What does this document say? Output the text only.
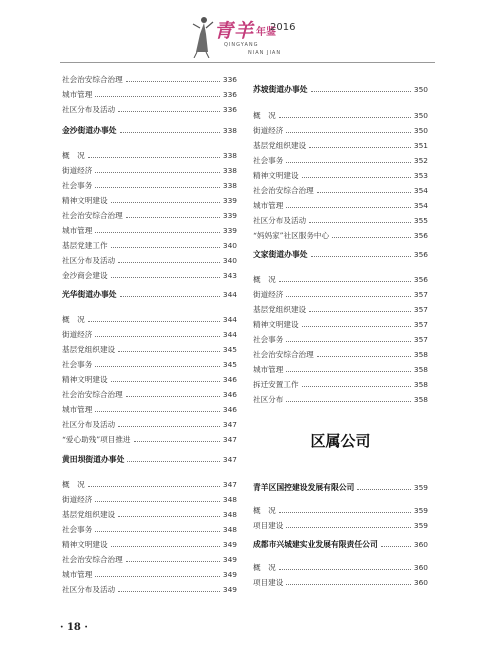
青 羊 年鉴
2016
QINGYANG
NIAN JIAN
社会治安综合治理	336
城市管理	336
社区分布及活动	336
金沙街道办事处	338
概　况	338
街道经济	338
社会事务	338
精神文明建设	339
社会治安综合治理	339
城市管理	339
基层党建工作	340
社区分布及活动	340
金沙商会建设	343
光华街道办事处	344
概　况	344
街道经济	344
基层党组织建设	345
社会事务	345
精神文明建设	346
社会治安综合治理	346
城市管理	346
社区分布及活动	347
“爱心助残”项目推进	347
黄田坝街道办事处	347
概　况	347
街道经济	348
基层党组织建设	348
社会事务	348
精神文明建设	349
社会治安综合治理	349
城市管理	349
社区分布及活动	349
苏坡街道办事处	350
概　况	350
街道经济	350
基层党组织建设	351
社会事务	352
精神文明建设	353
社会治安综合治理	354
城市管理	354
社区分布及活动	355
“妈妈家”社区服务中心	356
文家街道办事处	356
概　况	356
街道经济	357
基层党组织建设	357
精神文明建设	357
社会事务	357
社会治安综合治理	358
城市管理	358
拆迁安置工作	358
社区分布	358
区属公司
青羊区国控建设发展有限公司	359
概　况	359
项目建设	359
成都市兴城建实业发展有限责任公司	360
概　况	360
项目建设	360
· 18 ·
